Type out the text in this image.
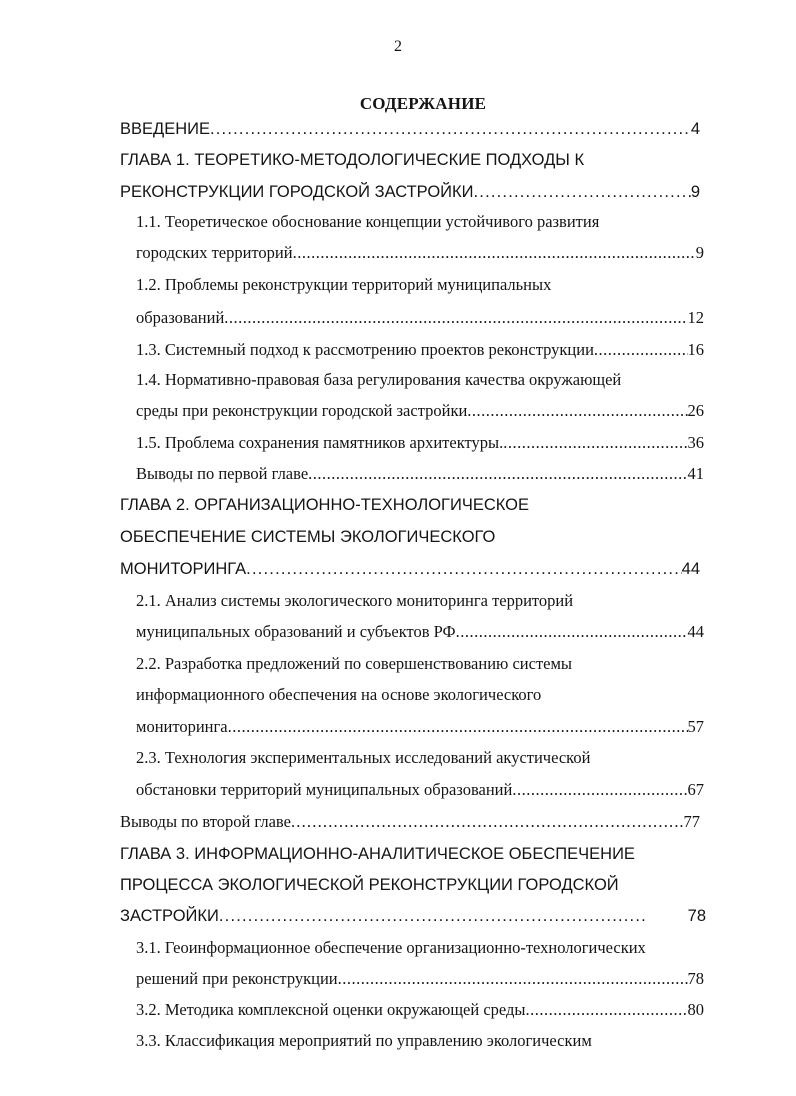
2
СОДЕРЖАНИЕ
ВВЕДЕНИЕ .....	4
ГЛАВА 1. ТЕОРЕТИКО-МЕТОДОЛОГИЧЕСКИЕ ПОДХОДЫ К
РЕКОНСТРУКЦИИ ГОРОДСКОЙ ЗАСТРОЙКИ .....	9
1.1. Теоретическое обоснование концепции устойчивого развития
городских территорий .....	9
1.2. Проблемы реконструкции территорий муниципальных
образований .....	12
1.3. Системный подход к рассмотрению проектов реконструкции .....	16
1.4. Нормативно-правовая база регулирования качества окружающей
среды при реконструкции городской застройки .....	26
1.5. Проблема сохранения памятников архитектуры. .....	36
Выводы по первой главе .....	41
ГЛАВА 2. ОРГАНИЗАЦИОННО-ТЕХНОЛОГИЧЕСКОЕ
ОБЕСПЕЧЕНИЕ СИСТЕМЫ ЭКОЛОГИЧЕСКОГО
МОНИТОРИНГА .....	44
2.1. Анализ системы экологического мониторинга территорий
муниципальных образований и субъектов РФ .....	44
2.2. Разработка предложений по совершенствованию системы
информационного обеспечения на основе экологического
мониторинга .....	57
2.3. Технология экспериментальных исследований акустической
обстановки территорий муниципальных образований .....	67
Выводы по второй главе .....	.77
ГЛАВА 3. ИНФОРМАЦИОННО-АНАЛИТИЧЕСКОЕ ОБЕСПЕЧЕНИЕ
ПРОЦЕССА ЭКОЛОГИЧЕСКОЙ РЕКОНСТРУКЦИИ ГОРОДСКОЙ
ЗАСТРОЙКИ .....	78
3.1. Геоинформационное обеспечение организационно-технологических
решений при реконструкции .....	78
3.2. Методика комплексной оценки окружающей среды .....	80
3.3. Классификация мероприятий по управлению экологическим
